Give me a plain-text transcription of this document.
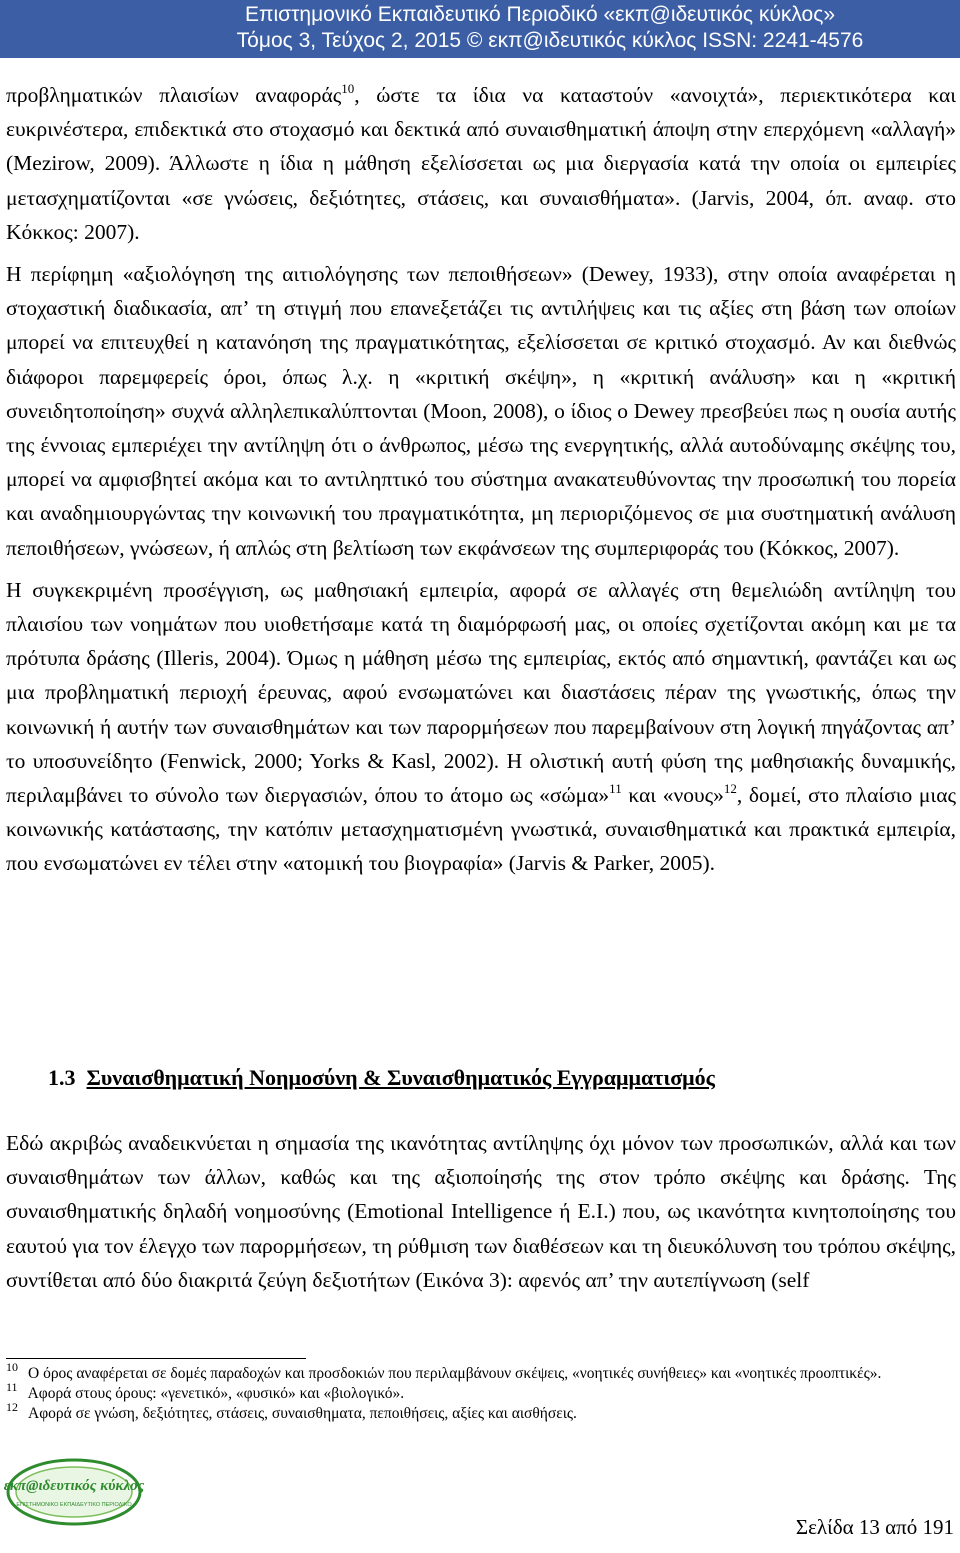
Επιστημονικό Εκπαιδευτικό Περιοδικό «εκπ@ιδευτικός κύκλος»
Τόμος 3, Τεύχος 2, 2015 © εκπ@ιδευτικός κύκλος ISSN: 2241-4576

προβληματικών πλαισίων αναφοράς$^{10}$, ώστε τα ίδια να καταστούν «ανοιχτά», περιεκτικότερα και ευκρινέστερα, επιδεκτικά στο στοχασμό και δεκτικά από συναισθηματική άποψη στην επερχόμενη «αλλαγή» (Mezirow, 2009). Άλλωστε η ίδια η μάθηση εξελίσσεται ως μια διεργασία κατά την οποία οι εμπειρίες μετασχηματίζονται «σε γνώσεις, δεξιότητες, στάσεις, και συναισθήματα». (Jarvis, 2004, όπ. αναφ. στο Κόκκος: 2007).

Η περίφημη «αξιολόγηση της αιτιολόγησης των πεποιθήσεων» (Dewey, 1933), στην οποία αναφέρεται η στοχαστική διαδικασία, απ’ τη στιγμή που επανεξετάζει τις αντιλήψεις και τις αξίες στη βάση των οποίων μπορεί να επιτευχθεί η κατανόηση της πραγματικότητας, εξελίσσεται σε κριτικό στοχασμό. Αν και διεθνώς διάφοροι παρεμφερείς όροι, όπως λ.χ. η «κριτική σκέψη», η «κριτική ανάλυση» και η «κριτική συνειδητοποίηση» συχνά αλληλεπικαλύπτονται (Moon, 2008), ο ίδιος ο Dewey πρεσβεύει πως η ουσία αυτής της έννοιας εμπεριέχει την αντίληψη ότι ο άνθρωπος, μέσω της ενεργητικής, αλλά αυτοδύναμης σκέψης του, μπορεί να αμφισβητεί ακόμα και το αντιληπτικό του σύστημα ανακατευθύνοντας την προσωπική του πορεία και αναδημιουργώντας την κοινωνική του πραγματικότητα, μη περιοριζόμενος σε μια συστηματική ανάλυση πεποιθήσεων, γνώσεων, ή απλώς στη βελτίωση των εκφάνσεων της συμπεριφοράς του (Κόκκος, 2007).

Η συγκεκριμένη προσέγγιση, ως μαθησιακή εμπειρία, αφορά σε αλλαγές στη θεμελιώδη αντίληψη του πλαισίου των νοημάτων που υιοθετήσαμε κατά τη διαμόρφωσή μας, οι οποίες σχετίζονται ακόμη και με τα πρότυπα δράσης (Illeris, 2004). Όμως η μάθηση μέσω της εμπειρίας, εκτός από σημαντική, φαντάζει και ως μια προβληματική περιοχή έρευνας, αφού ενσωματώνει και διαστάσεις πέραν της γνωστικής, όπως την κοινωνική ή αυτήν των συναισθημάτων και των παρορμήσεων που παρεμβαίνουν στη λογική πηγάζοντας απ’ το υποσυνείδητο (Fenwick, 2000; Yorks & Kasl, 2002). Η ολιστική αυτή φύση της μαθησιακής δυναμικής, περιλαμβάνει το σύνολο των διεργασιών, όπου το άτομο ως «σώμα»$^{11}$ και «νους»$^{12}$, δομεί, στο πλαίσιο μιας κοινωνικής κατάστασης, την κατόπιν μετασχηματισμένη γνωστικά, συναισθηματικά και πρακτικά εμπειρία, που ενσωματώνει εν τέλει στην «ατομική του βιογραφία» (Jarvis & Parker, 2005).

1.3 Συναισθηματική Νοημοσύνη & Συναισθηματικός Εγγραμματισμός

Εδώ ακριβώς αναδεικνύεται η σημασία της ικανότητας αντίληψης όχι μόνον των προσωπικών, αλλά και των συναισθημάτων των άλλων, καθώς και της αξιοποίησής της στον τρόπο σκέψης και δράσης. Της συναισθηματικής δηλαδή νοημοσύνης (Emotional Intelligence ή E.I.) που, ως ικανότητα κινητοποίησης του εαυτού για τον έλεγχο των παρορμήσεων, τη ρύθμιση των διαθέσεων και τη διευκόλυνση του τρόπου σκέψης, συντίθεται από δύο διακριτά ζεύγη δεξιοτήτων (Εικόνα 3): αφενός απ’ την αυτεπίγνωση (self

$^{10}$ Ο όρος αναφέρεται σε δομές παραδοχών και προσδοκιών που περιλαμβάνουν σκέψεις, «νοητικές συνήθειες» και «νοητικές προοπτικές».

$^{11}$ Αφορά στους όρους: «γενετικό», «φυσικό» και «βιολογικό».

$^{12}$ Αφορά σε γνώση, δεξιότητες, στάσεις, συναισθηματα, πεποιθήσεις, αξίες και αισθήσεις.

εκπ@ιδευτικός κύκλος
ΕΠΙΣΤΗΜΟΝΙΚΟ ΕΚΠΑΙΔΕΥΤΙΚΟ ΠΕΡΙΟΔΙΚΟ
Σελίδα 13 από 191
